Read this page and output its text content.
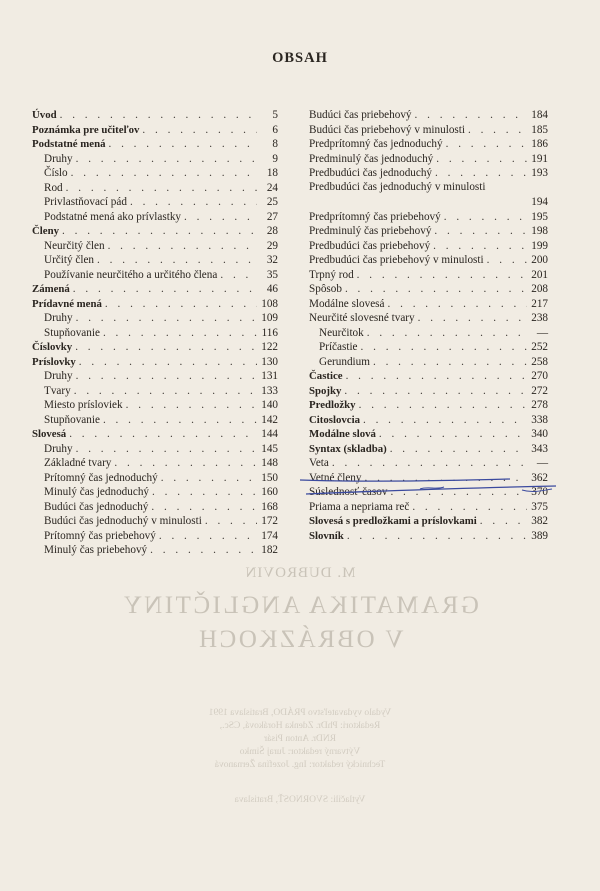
OBSAH
Úvod . . .	5
Poznámka pre učiteľov . . .	6
Podstatné mená . . .	8
Druhy . . .	9
Číslo . . .	18
Rod . . .	24
Privlastňovací pád . . .	25
Podstatné mená ako prívlastky . . .	27
Členy . . .	28
Neurčitý člen . . .	29
Určitý člen . . .	32
Používanie neurčitého a určitého člena . . .	35
Zámená . . .	46
Prídavné mená . . .	108
Druhy . . .	109
Stupňovanie . . .	116
Číslovky . . .	122
Príslovky . . .	130
Druhy . . .	131
Tvary . . .	133
Miesto prísloviek . . .	140
Stupňovanie . . .	142
Slovesá . . .	144
Druhy . . .	145
Základné tvary . . .	148
Prítomný čas jednoduchý . . .	150
Minulý čas jednoduchý . . .	160
Budúci čas jednoduchý . . .	168
Budúci čas jednoduchý v minulosti . . .	172
Prítomný čas priebehový . . .	174
Minulý čas priebehový . . .	182
Budúci čas priebehový . . .	184
Budúci čas priebehový v minulosti . . .	185
Predprítomný čas jednoduchý . . .	186
Predminulý čas jednoduchý . . .	191
Predbudúci čas jednoduchý . . .	193
Predbudúci čas jednoduchý v minulosti
194
Predprítomný čas priebehový . . .	195
Predminulý čas priebehový . . .	198
Predbudúci čas priebehový . . .	199
Predbudúci čas priebehový v minulosti . . .	200
Trpný rod . . .	201
Spôsob . . .	208
Modálne slovesá . . .	217
Neurčité slovesné tvary . . .	238
Neurčitok . . .	—
Príčastie . . .	252
Gerundium . . .	258
Častice . . .	270
Spojky . . .	272
Predložky . . .	278
Citoslovcia . . .	338
Modálne slová . . .	340
Syntax (skladba) . . .	343
Veta . . .	—
Vetné členy . . .	362
Súslednosť časov . . .	370
Priama a nepriama reč . . .	375
Slovesá s predložkami a príslovkami . . .	382
Slovník . . .	389
M. DUBROVIN
GRAMATIKA ANGLIČTINY
V OBRÁZKOCH
Vydalo vydavateľstvo PRÁDO, Bratislava 1991
Redaktori: PhDr. Zdenka Horáková, CSc.,
RNDr. Anton Pisár
Výtvarný redaktor: Juraj Šimko
Technický redaktor: Ing. Jozefína Žernanová
Vytlačili: SVORNOSŤ, Bratislava
